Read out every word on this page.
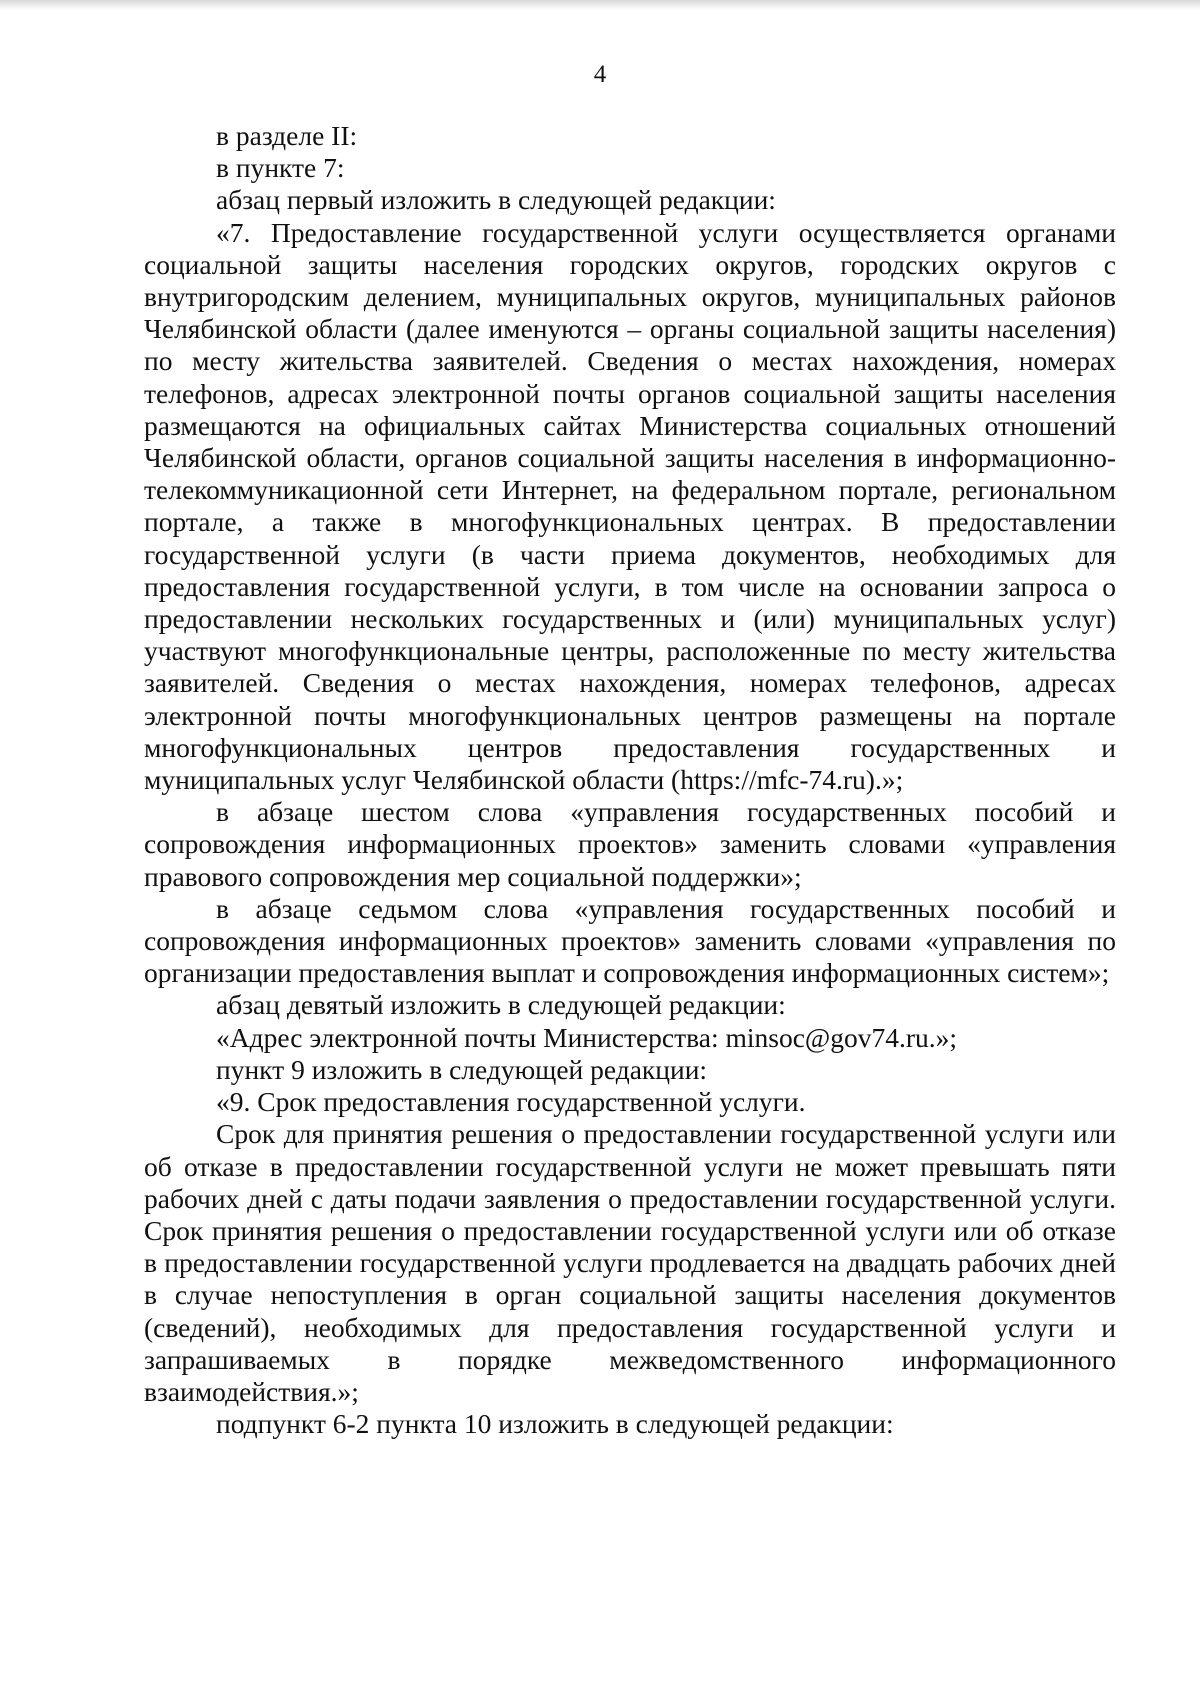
4

в разделе II:

в пункте 7:

абзац первый изложить в следующей редакции:

«7. Предоставление государственной услуги осуществляется органами социальной защиты населения городских округов, городских округов с внутригородским делением, муниципальных округов, муниципальных районов Челябинской области (далее именуются – органы социальной защиты населения) по месту жительства заявителей. Сведения о местах нахождения, номерах телефонов, адресах электронной почты органов социальной защиты населения размещаются на официальных сайтах Министерства социальных отношений Челябинской области, органов социальной защиты населения в информационно-телекоммуникационной сети Интернет, на федеральном портале, региональном портале, а также в многофункциональных центрах. В предоставлении государственной услуги (в части приема документов, необходимых для предоставления государственной услуги, в том числе на основании запроса о предоставлении нескольких государственных и (или) муниципальных услуг) участвуют многофункциональные центры, расположенные по месту жительства заявителей. Сведения о местах нахождения, номерах телефонов, адресах электронной почты многофункциональных центров размещены на портале многофункциональных центров предоставления государственных и муниципальных услуг Челябинской области (https://mfc-74.ru).»;

в абзаце шестом слова «управления государственных пособий и сопровождения информационных проектов» заменить словами «управления правового сопровождения мер социальной поддержки»;

в абзаце седьмом слова «управления государственных пособий и сопровождения информационных проектов» заменить словами «управления по организации предоставления выплат и сопровождения информационных систем»;

абзац девятый изложить в следующей редакции:

«Адрес электронной почты Министерства: minsoc@gov74.ru.»;

пункт 9 изложить в следующей редакции:

«9. Срок предоставления государственной услуги.

Срок для принятия решения о предоставлении государственной услуги или об отказе в предоставлении государственной услуги не может превышать пяти рабочих дней с даты подачи заявления о предоставлении государственной услуги. Срок принятия решения о предоставлении государственной услуги или об отказе в предоставлении государственной услуги продлевается на двадцать рабочих дней в случае непоступления в орган социальной защиты населения документов (сведений), необходимых для предоставления государственной услуги и запрашиваемых в порядке межведомственного информационного взаимодействия.»;

подпункт 6-2 пункта 10 изложить в следующей редакции:
